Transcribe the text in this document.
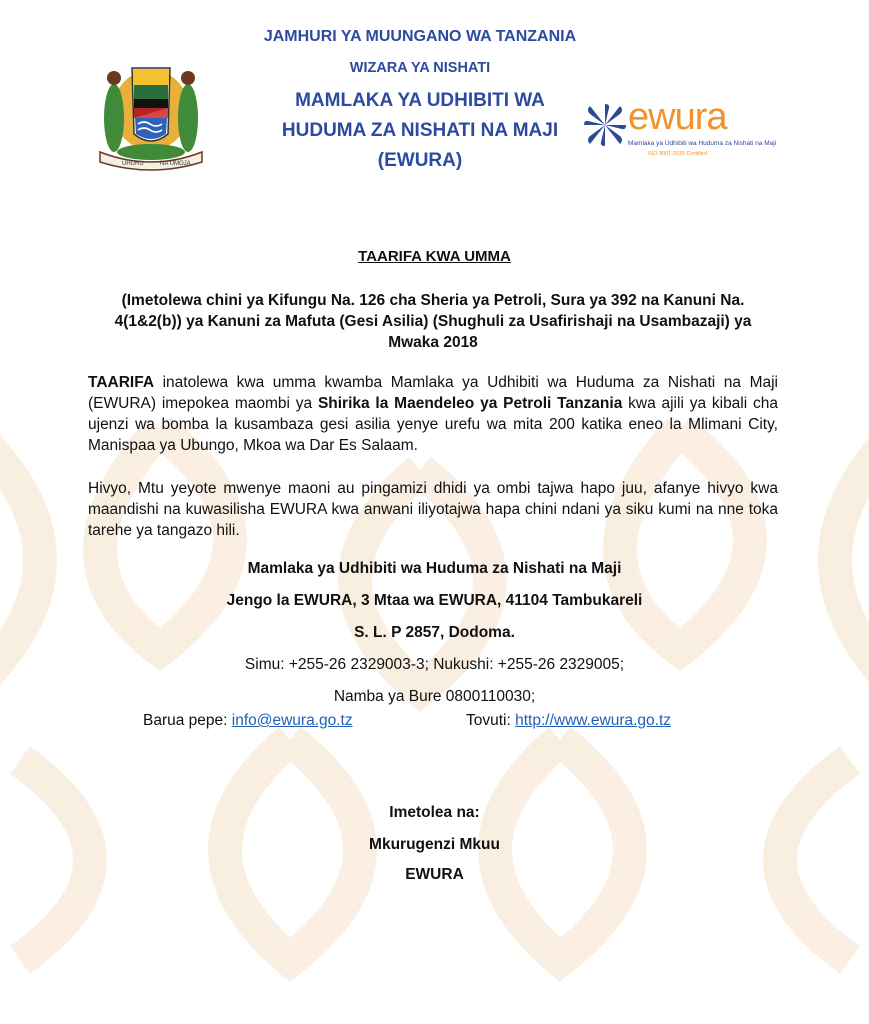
UHURU	NA UMOJA
JAMHURI YA MUUNGANO WA TANZANIA
WIZARA YA NISHATI
MAMLAKA YA UDHIBITI WA
HUDUMA ZA NISHATI NA MAJI
(EWURA)
ewura
Mamlaka ya Udhibiti wa Huduma za Nishati na Maji
ISO 9001:2015 Certified
TAARIFA KWA UMMA
(Imetolewa chini ya Kifungu Na. 126 cha Sheria ya Petroli, Sura ya 392 na Kanuni Na. 4(1&2(b)) ya Kanuni za Mafuta (Gesi Asilia) (Shughuli za Usafirishaji na Usambazaji) ya Mwaka 2018
TAARIFA inatolewa kwa umma kwamba Mamlaka ya Udhibiti wa Huduma za Nishati na Maji (EWURA) imepokea maombi ya Shirika la Maendeleo ya Petroli Tanzania kwa ajili ya kibali cha ujenzi wa bomba la kusambaza gesi asilia yenye urefu wa mita 200 katika eneo la Mlimani City, Manispaa ya Ubungo, Mkoa wa Dar Es Salaam.
Hivyo, Mtu yeyote mwenye maoni au pingamizi dhidi ya ombi tajwa hapo juu, afanye hivyo kwa maandishi na kuwasilisha EWURA kwa anwani iliyotajwa hapa chini ndani ya siku kumi na nne toka tarehe ya tangazo hili.
Mamlaka ya Udhibiti wa Huduma za Nishati na Maji
Jengo la EWURA, 3 Mtaa wa EWURA, 41104 Tambukareli
S. L. P 2857, Dodoma.
Simu: +255-26 2329003-3; Nukushi: +255-26 2329005;
Namba ya Bure 0800110030;
Barua pepe: info@ewura.go.tz	Tovuti: http://www.ewura.go.tz
Imetolea na:
Mkurugenzi Mkuu
EWURA
